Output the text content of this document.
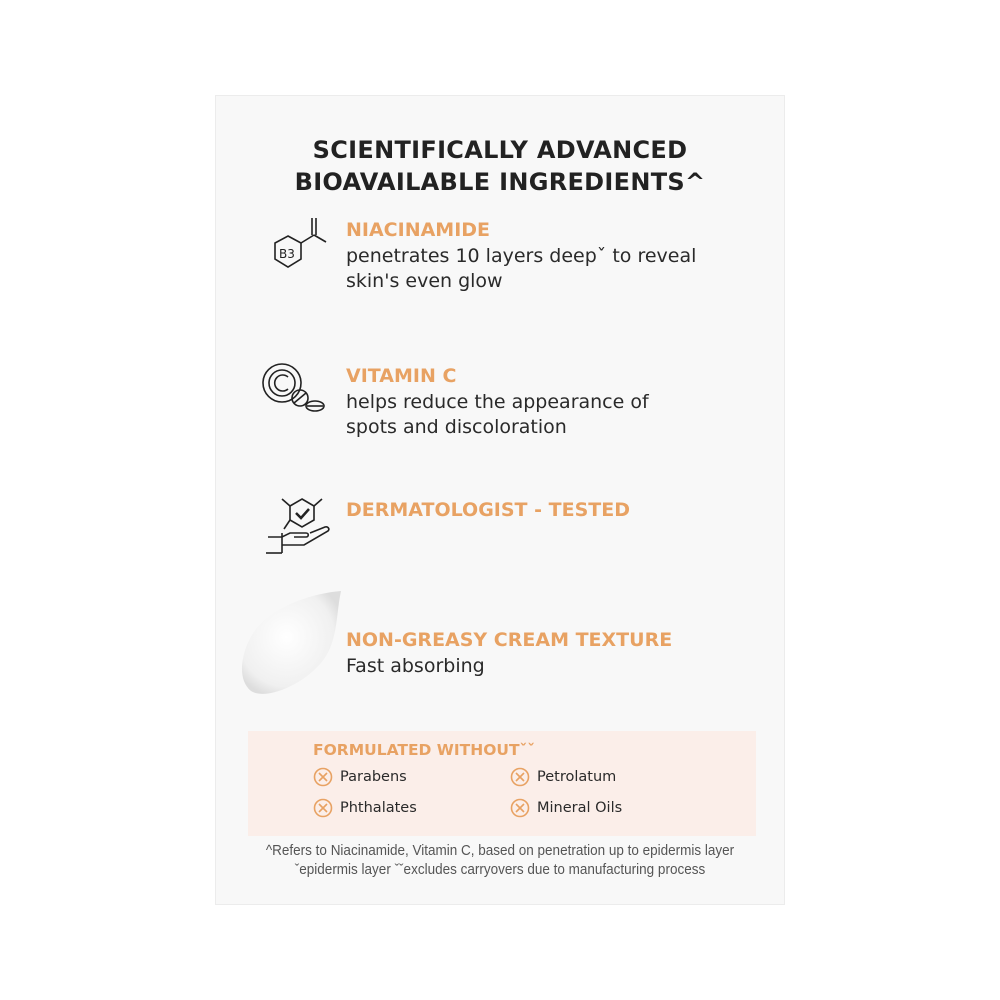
SCIENTIFICALLY ADVANCED
BIOAVAILABLE INGREDIENTS^
B3
NIACINAMIDE

penetrates 10 layers deepˇ to reveal
skin's even glow

VITAMIN C

helps reduce the appearance of
spots and discoloration

DERMATOLOGIST - TESTED
NON-GREASY CREAM TEXTURE

Fast absorbing

FORMULATED WITHOUTˇˇ
Parabens	Petrolatum
Phthalates	Mineral Oils
^Refers to Niacinamide, Vitamin C, based on penetration up to epidermis layer
ˇepidermis layer ˇˇexcludes carryovers due to manufacturing process
